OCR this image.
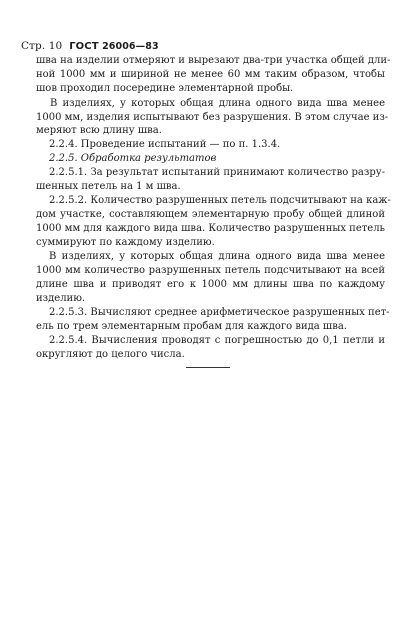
Стр. 10 ГОСТ 26006—83
шва на изделии отмеряют и вырезают два-три участка общей дли-
ной 1000 мм и шириной не менее 60 мм таким образом, чтобы
шов проходил посередине элементарной пробы.
В изделиях, у которых общая длина одного вида шва менее
1000 мм, изделия испытывают без разрушения. В этом случае из-
меряют всю длину шва.
2.2.4. Проведение испытаний — по п. 1.3.4.
2.2.5. Обработка результатов
2.2.5.1. За результат испытаний принимают количество разру-
шенных петель на 1 м шва.
2.2.5.2. Количество разрушенных петель подсчитывают на каж-
дом участке, составляющем элементарную пробу общей длиной
1000 мм для каждого вида шва. Количество разрушенных петель
суммируют по каждому изделию.
В изделиях, у которых общая длина одного вида шва менее
1000 мм количество разрушенных петель подсчитывают на всей
длине шва и приводят его к 1000 мм длины шва по каждому
изделию.
2.2.5.3. Вычисляют среднее арифметическое разрушенных пет-
ель по трем элементарным пробам для каждого вида шва.
2.2.5.4. Вычисления проводят с погрешностью до 0,1 петли и
округляют до целого числа.
